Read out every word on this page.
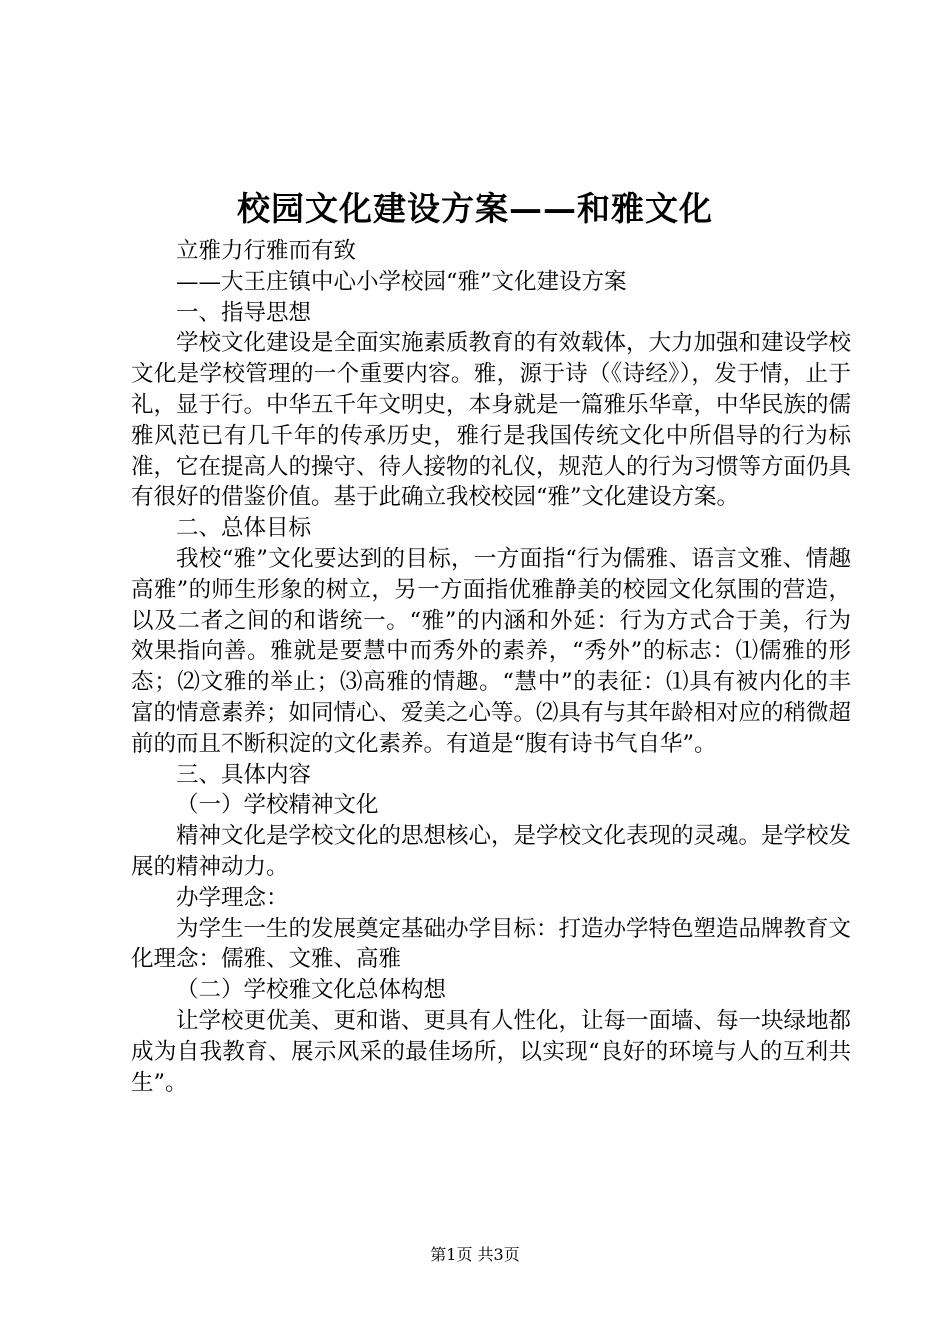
校园文化建设方案——和雅文化

立雅力行雅而有致

——大王庄镇中心小学校园“雅”文化建设方案

一、指导思想

学校文化建设是全面实施素质教育的有效载体，大力加强和建设学校文化是学校管理的一个重要内容。雅，源于诗（《诗经》），发于情，止于礼，显于行。中华五千年文明史，本身就是一篇雅乐华章，中华民族的儒雅风范已有几千年的传承历史，雅行是我国传统文化中所倡导的行为标准，它在提高人的操守、待人接物的礼仪，规范人的行为习惯等方面仍具有很好的借鉴价值。基于此确立我校校园“雅”文化建设方案。

二、总体目标

我校“雅”文化要达到的目标，一方面指“行为儒雅、语言文雅、情趣高雅”的师生形象的树立，另一方面指优雅静美的校园文化氛围的营造，以及二者之间的和谐统一。“雅”的内涵和外延：行为方式合于美，行为效果指向善。雅就是要慧中而秀外的素养，“秀外”的标志：⑴儒雅的形态；⑵文雅的举止；⑶高雅的情趣。“慧中”的表征：⑴具有被内化的丰富的情意素养；如同情心、爱美之心等。⑵具有与其年龄相对应的稍微超前的而且不断积淀的文化素养。有道是“腹有诗书气自华”。

三、具体内容

（一）学校精神文化

精神文化是学校文化的思想核心，是学校文化表现的灵魂。是学校发展的精神动力。

办学理念：

为学生一生的发展奠定基础办学目标：打造办学特色塑造品牌教育文化理念：儒雅、文雅、高雅

（二）学校雅文化总体构想

让学校更优美、更和谐、更具有人性化，让每一面墙、每一块绿地都成为自我教育、展示风采的最佳场所，以实现“良好的环境与人的互利共生”。

第1页 共3页
